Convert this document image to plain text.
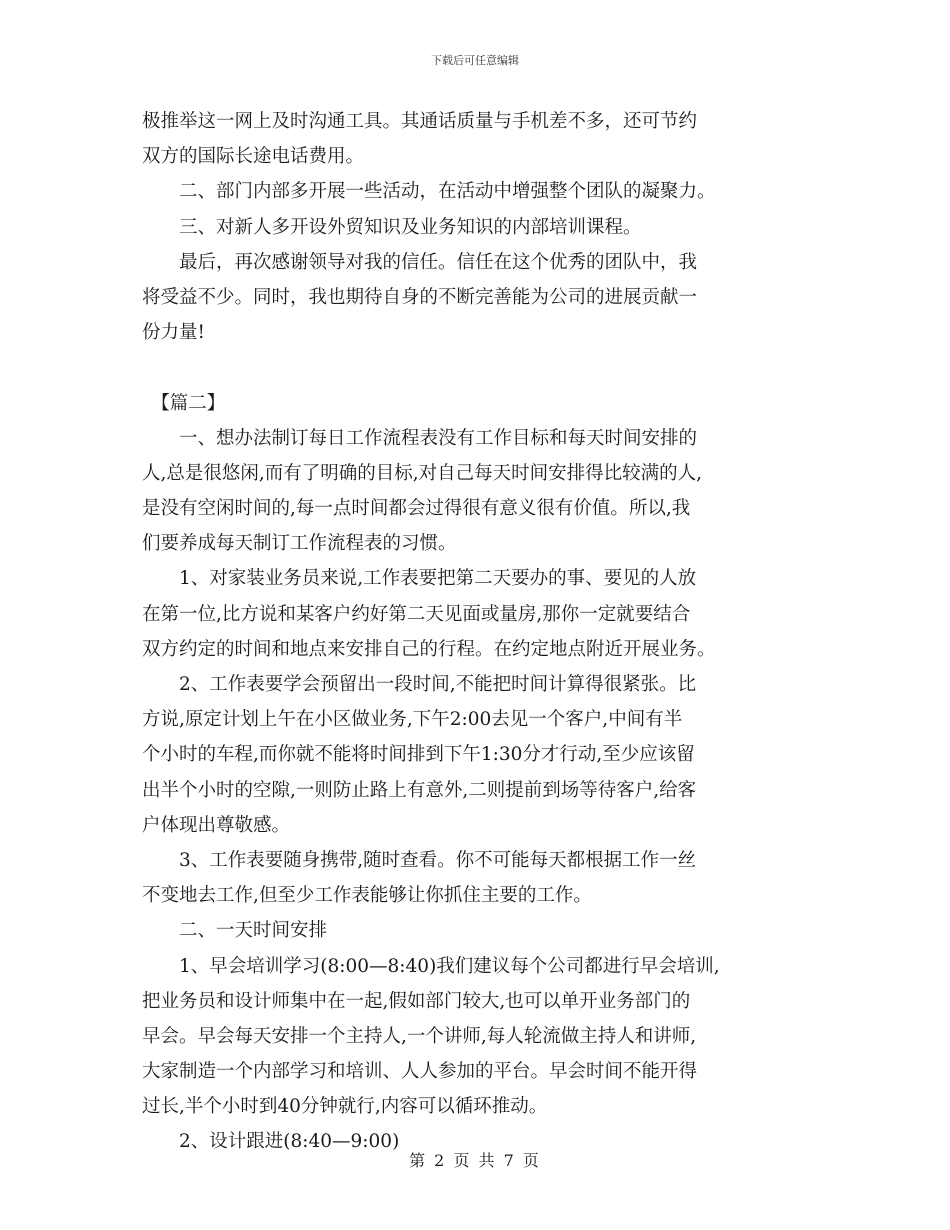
下载后可任意编辑
极推举这一网上及时沟通工具。其通话质量与手机差不多，还可节约
双方的国际长途电话费用。
　　二、部门内部多开展一些活动，在活动中增强整个团队的凝聚力。
　　三、对新人多开设外贸知识及业务知识的内部培训课程。
　　最后，再次感谢领导对我的信任。信任在这个优秀的团队中，我
将受益不少。同时，我也期待自身的不断完善能为公司的进展贡献一
份力量!
　【篇二】
　　一、想办法制订每日工作流程表没有工作目标和每天时间安排的
人,总是很悠闲,而有了明确的目标,对自己每天时间安排得比较满的人,
是没有空闲时间的,每一点时间都会过得很有意义很有价值。所以,我
们要养成每天制订工作流程表的习惯。
　　1、对家装业务员来说,工作表要把第二天要办的事、要见的人放
在第一位,比方说和某客户约好第二天见面或量房,那你一定就要结合
双方约定的时间和地点来安排自己的行程。在约定地点附近开展业务。
　　2、工作表要学会预留出一段时间,不能把时间计算得很紧张。比
方说,原定计划上午在小区做业务,下午2:00去见一个客户,中间有半
个小时的车程,而你就不能将时间排到下午1:30分才行动,至少应该留
出半个小时的空隙,一则防止路上有意外,二则提前到场等待客户,给客
户体现出尊敬感。
　　3、工作表要随身携带,随时查看。你不可能每天都根据工作一丝
不变地去工作,但至少工作表能够让你抓住主要的工作。
　　二、一天时间安排
　　1、早会培训学习(8:00—8:40)我们建议每个公司都进行早会培训,
把业务员和设计师集中在一起,假如部门较大,也可以单开业务部门的
早会。早会每天安排一个主持人,一个讲师,每人轮流做主持人和讲师,
大家制造一个内部学习和培训、人人参加的平台。早会时间不能开得
过长,半个小时到40分钟就行,内容可以循环推动。
　　2、设计跟进(8:40—9:00)
第 2 页 共 7 页
